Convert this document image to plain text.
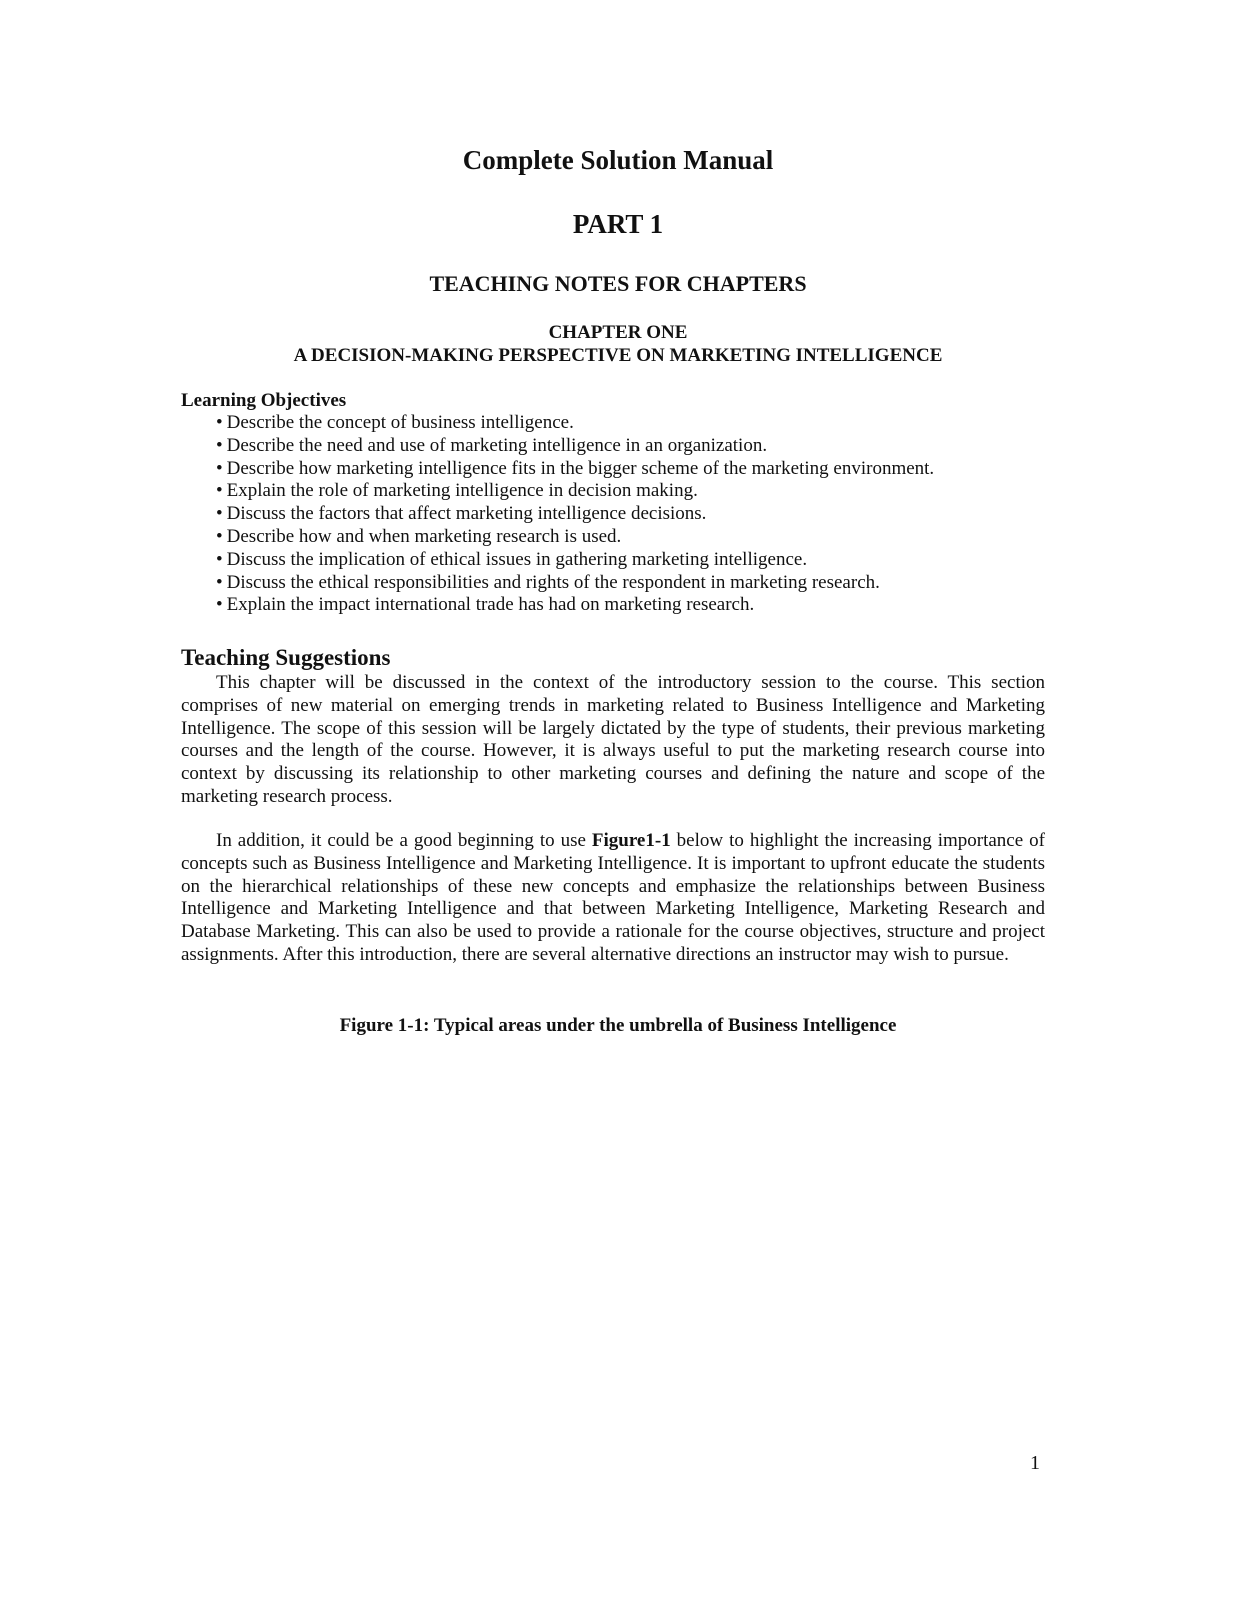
Complete Solution Manual
PART 1
TEACHING NOTES FOR CHAPTERS
CHAPTER ONE
A DECISION-MAKING PERSPECTIVE ON MARKETING INTELLIGENCE
Learning Objectives
• Describe the concept of business intelligence.
• Describe the need and use of marketing intelligence in an organization.
• Describe how marketing intelligence fits in the bigger scheme of the marketing environment.
• Explain the role of marketing intelligence in decision making.
• Discuss the factors that affect marketing intelligence decisions.
• Describe how and when marketing research is used.
• Discuss the implication of ethical issues in gathering marketing intelligence.
• Discuss the ethical responsibilities and rights of the respondent in marketing research.
• Explain the impact international trade has had on marketing research.
Teaching Suggestions

This chapter will be discussed in the context of the introductory session to the course. This section comprises of new material on emerging trends in marketing related to Business Intelligence and Marketing Intelligence. The scope of this session will be largely dictated by the type of students, their previous marketing courses and the length of the course. However, it is always useful to put the marketing research course into context by discussing its relationship to other marketing courses and defining the nature and scope of the marketing research process.

In addition, it could be a good beginning to use Figure1-1 below to highlight the increasing importance of concepts such as Business Intelligence and Marketing Intelligence. It is important to upfront educate the students on the hierarchical relationships of these new concepts and emphasize the relationships between Business Intelligence and Marketing Intelligence and that between Marketing Intelligence, Marketing Research and Database Marketing. This can also be used to provide a rationale for the course objectives, structure and project assignments. After this introduction, there are several alternative directions an instructor may wish to pursue.

Figure 1-1: Typical areas under the umbrella of Business Intelligence
1
